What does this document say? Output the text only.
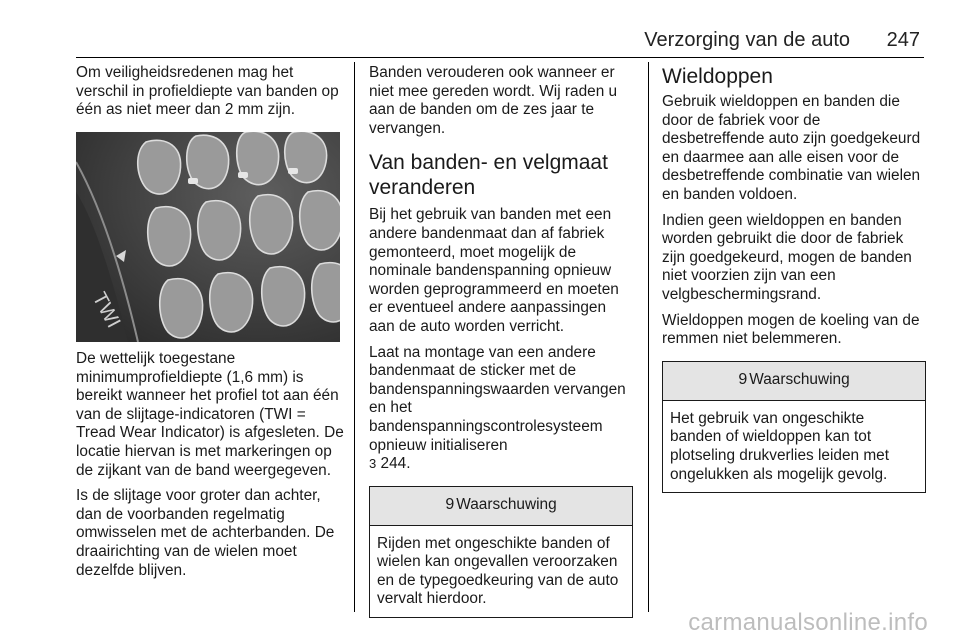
Verzorging van de auto	247

Om veiligheidsredenen mag het verschil in profieldiepte van banden op één as niet meer dan 2 mm zijn.

TWI

De wettelijk toegestane minimumprofieldiepte (1,6 mm) is bereikt wanneer het profiel tot aan één van de slijtage-indicatoren (TWI = Tread Wear Indicator) is afgesleten. De locatie hiervan is met markeringen op de zijkant van de band weergegeven.

Is de slijtage voor groter dan achter, dan de voorbanden regelmatig omwisselen met de achterbanden. De draairichting van de wielen moet dezelfde blijven.

Banden verouderen ook wanneer er niet mee gereden wordt. Wij raden u aan de banden om de zes jaar te vervangen.

Van banden- en velgmaat veranderen

Bij het gebruik van banden met een andere bandenmaat dan af fabriek gemonteerd, moet mogelijk de nominale bandenspanning opnieuw worden geprogrammeerd en moeten er eventueel andere aanpassingen aan de auto worden verricht.

Laat na montage van een andere bandenmaat de sticker met de bandenspanningswaarden vervangen en het bandenspanningscontrolesysteem opnieuw initialiseren
3 244.

9 Waarschuwing
Rijden met ongeschikte banden of wielen kan ongevallen veroorzaken en de typegoedkeuring van de auto vervalt hierdoor.
Wieldoppen

Gebruik wieldoppen en banden die door de fabriek voor de desbetreffende auto zijn goedgekeurd en daarmee aan alle eisen voor de desbetreffende combinatie van wielen en banden voldoen.

Indien geen wieldoppen en banden worden gebruikt die door de fabriek zijn goedgekeurd, mogen de banden niet voorzien zijn van een velgbeschermingsrand.

Wieldoppen mogen de koeling van de remmen niet belemmeren.

9 Waarschuwing
Het gebruik van ongeschikte banden of wieldoppen kan tot plotseling drukverlies leiden met ongelukken als mogelijk gevolg.
carmanualsonline.info
